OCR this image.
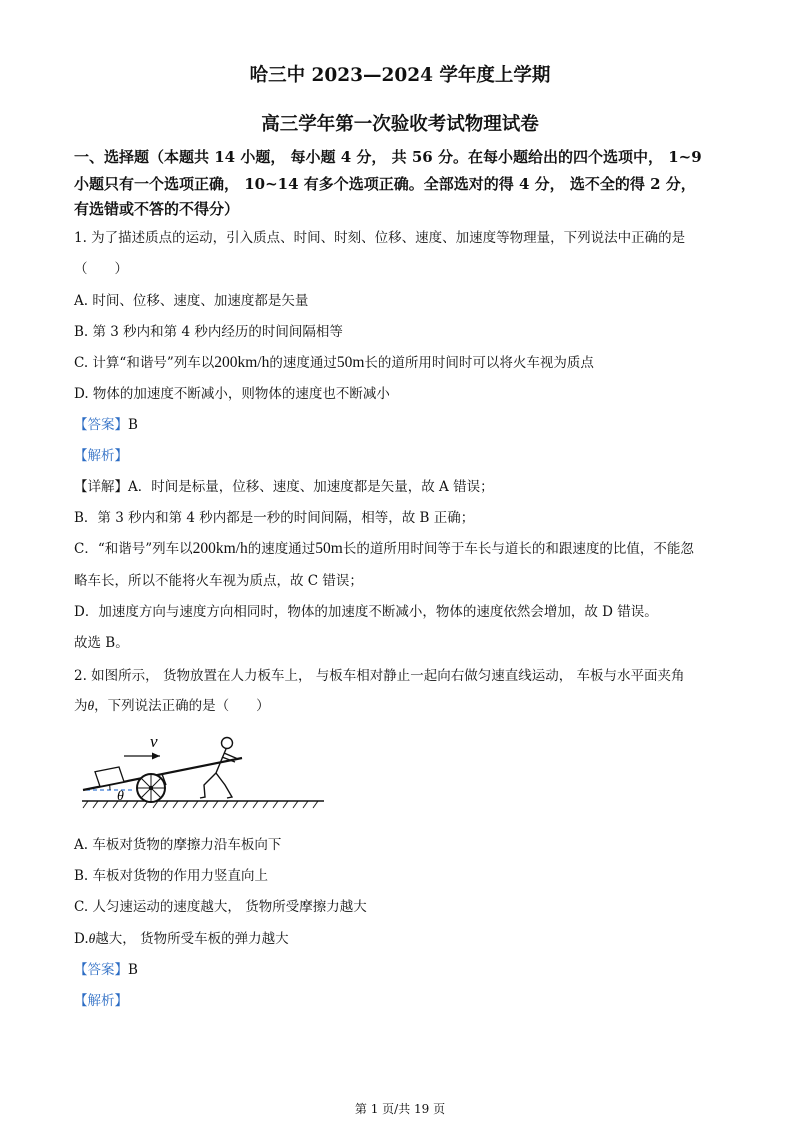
哈三中 2023—2024 学年度上学期
高三学年第一次验收考试物理试卷
一、选择题（本题共 14 小题， 每小题 4 分， 共 56 分。在每小题给出的四个选项中， 1~9
小题只有一个选项正确， 10~14 有多个选项正确。全部选对的得 4 分， 选不全的得 2 分，
有选错或不答的不得分）
1. 为了描述质点的运动，引入质点、时间、时刻、位移、速度、加速度等物理量，下列说法中正确的是
（　　）
A. 时间、位移、速度、加速度都是矢量
B. 第 3 秒内和第 4 秒内经历的时间间隔相等
C. 计算“和谐号”列车以200km/h的速度通过50m长的道所用时间时可以将火车视为质点
D. 物体的加速度不断减小，则物体的速度也不断减小
【答案】B
【解析】
【详解】A．时间是标量，位移、速度、加速度都是矢量，故 A 错误；
B．第 3 秒内和第 4 秒内都是一秒的时间间隔，相等，故 B 正确；
C．“和谐号”列车以200km/h的速度通过50m长的道所用时间等于车长与道长的和跟速度的比值，不能忽
略车长，所以不能将火车视为质点，故 C 错误；
D．加速度方向与速度方向相同时，物体的加速度不断减小，物体的速度依然会增加，故 D 错误。
故选 B。
2. 如图所示， 货物放置在人力板车上， 与板车相对静止一起向右做匀速直线运动， 车板与水平面夹角
为θ，下列说法正确的是（　　）
v
θ
A. 车板对货物的摩擦力沿车板向下
B. 车板对货物的作用力竖直向上
C. 人匀速运动的速度越大， 货物所受摩擦力越大
D.θ越大， 货物所受车板的弹力越大
【答案】B
【解析】
第 1 页/共 19 页
